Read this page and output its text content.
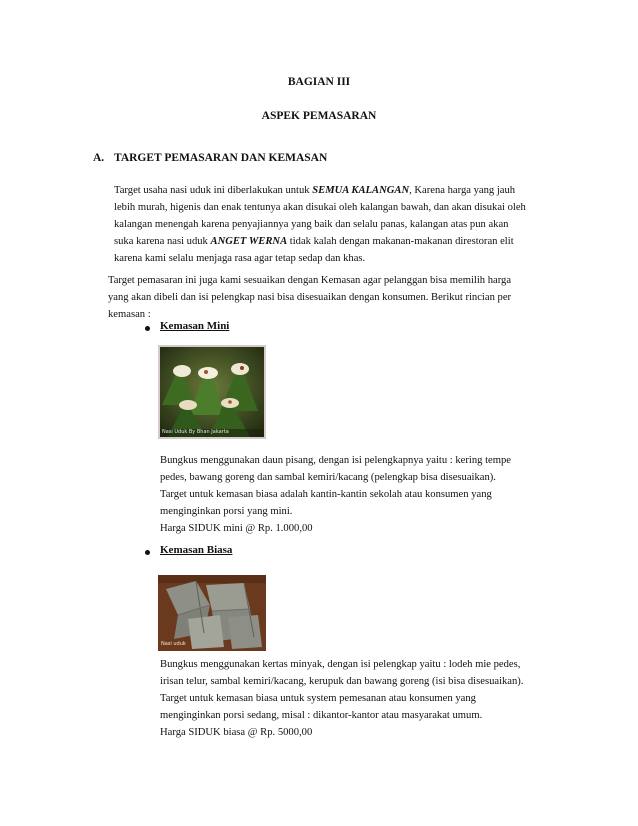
BAGIAN III
ASPEK PEMASARAN
A. TARGET PEMASARAN DAN KEMASAN
Target usaha nasi uduk ini diberlakukan untuk SEMUA KALANGAN, Karena harga yang jauh
lebih murah, higenis dan enak tentunya akan disukai oleh kalangan bawah, dan akan disukai oleh
kalangan menengah karena penyajiannya yang baik dan selalu panas, kalangan atas pun akan
suka karena nasi uduk ANGET WERNA tidak kalah dengan makanan-makanan direstoran elit
karena kami selalu menjaga rasa agar tetap sedap dan khas.
Target pemasaran ini juga kami sesuaikan dengan Kemasan agar pelanggan bisa memilih harga
yang akan dibeli dan isi pelengkap nasi bisa disesuaikan dengan konsumen. Berikut rincian per
kemasan :
Kemasan Mini
Nasi Uduk By Bhan Jakarta
Bungkus menggunakan daun pisang, dengan isi pelengkapnya yaitu : kering tempe
pedes, bawang goreng dan sambal kemiri/kacang (pelengkap bisa disesuaikan).
Target untuk kemasan biasa adalah kantin-kantin sekolah atau konsumen yang
menginginkan porsi yang mini.
Harga SIDUK mini @ Rp. 1.000,00
Kemasan Biasa
Nasi uduk
Bungkus menggunakan kertas minyak, dengan isi pelengkap yaitu : lodeh mie pedes,
irisan telur, sambal kemiri/kacang, kerupuk dan bawang goreng (isi bisa disesuaikan).
Target untuk kemasan biasa untuk system pemesanan atau konsumen yang
menginginkan porsi sedang, misal : dikantor-kantor atau masyarakat umum.
Harga SIDUK biasa @ Rp. 5000,00
